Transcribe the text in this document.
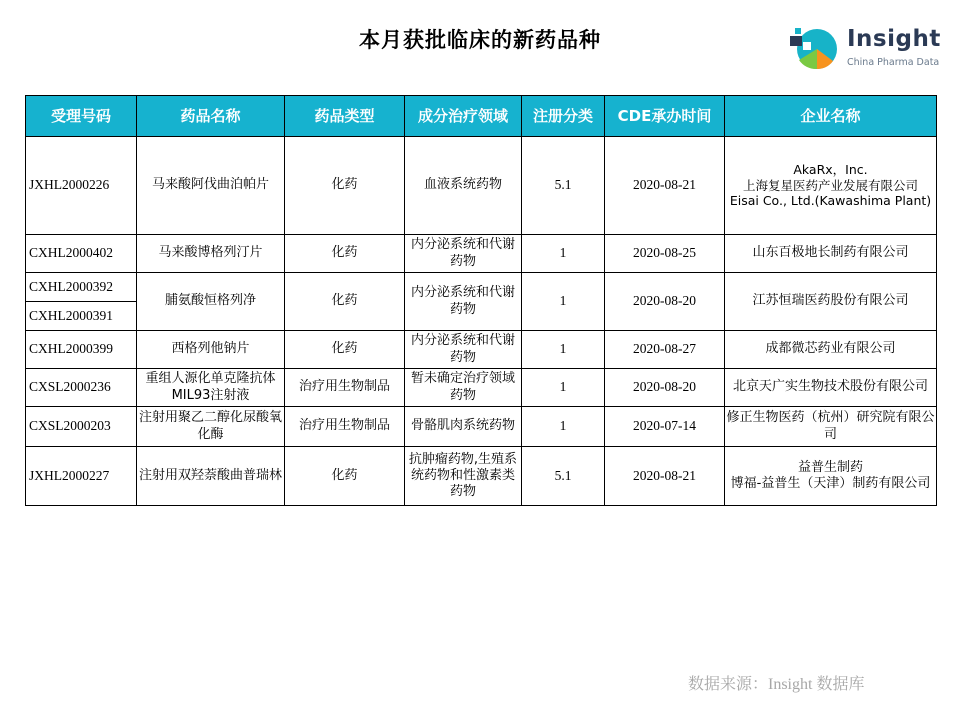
本月获批临床的新药品种	Insight
China Pharma Data
受理号码	药品名称	药品类型	成分治疗领域	注册分类	CDE承办时间	企业名称
JXHL2000226	马来酸阿伐曲泊帕片	化药	血液系统药物	5.1	2020-08-21	AkaRx，Inc.
上海复星医药产业发展有限公司
Eisai Co., Ltd.(Kawashima Plant)
CXHL2000402	马来酸博格列汀片	化药	内分泌系统和代谢药物	1	2020-08-25	山东百极地长制药有限公司
CXHL2000392	脯氨酸恒格列净	化药	内分泌系统和代谢药物	1	2020-08-20	江苏恒瑞医药股份有限公司
CXHL2000391						
CXHL2000399	西格列他钠片	化药	内分泌系统和代谢药物	1	2020-08-27	成都微芯药业有限公司
CXSL2000236	重组人源化单克隆抗体MIL93注射液	治疗用生物制品	暂未确定治疗领域药物	1	2020-08-20	北京天广实生物技术股份有限公司
CXSL2000203	注射用聚乙二醇化尿酸氧化酶	治疗用生物制品	骨骼肌肉系统药物	1	2020-07-14	修正生物医药（杭州）研究院有限公司
JXHL2000227	注射用双羟萘酸曲普瑞林	化药	抗肿瘤药物,生殖系统药物和性激素类药物	5.1	2020-08-21	益普生制药
博福-益普生（天津）制药有限公司
数据来源：Insight 数据库
